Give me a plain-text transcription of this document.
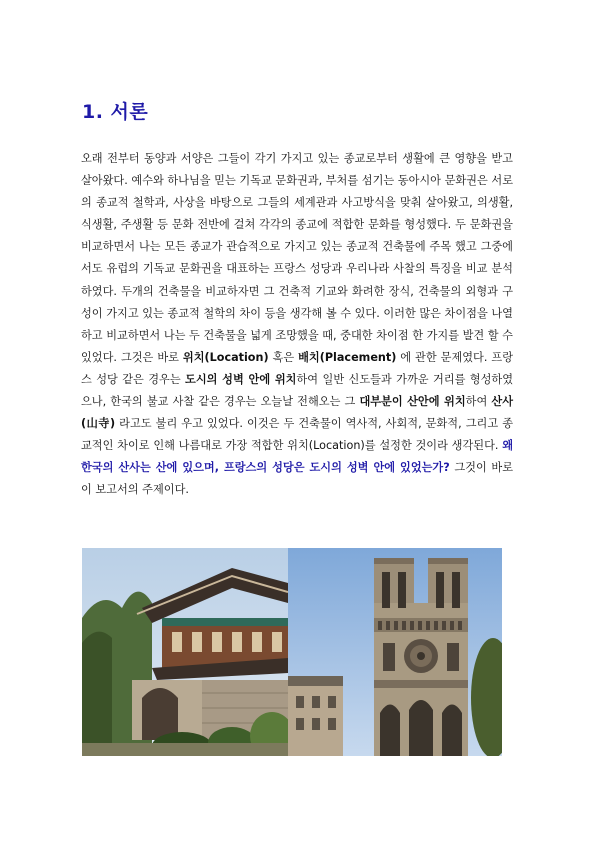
1. 서론

오래 전부터 동양과 서양은 그들이 각기 가지고 있는 종교로부터 생활에 큰 영향을 받고 살아왔다. 예수와 하나님을 믿는 기독교 문화권과, 부처를 섬기는 동아시아 문화권은 서로의 종교적 철학과, 사상을 바탕으로 그들의 세계관과 사고방식을 맞춰 살아왔고, 의생활, 식생활, 주생활 등 문화 전반에 걸쳐 각각의 종교에 적합한 문화를 형성했다. 두 문화권을 비교하면서 나는 모든 종교가 관습적으로 가지고 있는 종교적 건축물에 주목 했고 그중에서도 유럽의 기독교 문화권을 대표하는 프랑스 성당과 우리나라 사찰의 특징을 비교 분석 하였다. 두개의 건축물을 비교하자면 그 건축적 기교와 화려한 장식, 건축물의 외형과 구성이 가지고 있는 종교적 철학의 차이 등을 생각해 볼 수 있다. 이러한 많은 차이점을 나열하고 비교하면서 나는 두 건축물을 넓게 조망했을 때, 중대한 차이점 한 가지를 발견 할 수 있었다. 그것은 바로 위치(Location) 혹은 배치(Placement) 에 관한 문제였다. 프랑스 성당 같은 경우는 도시의 성벽 안에 위치하여 일반 신도들과 가까운 거리를 형성하였으나, 한국의 불교 사찰 같은 경우는 오늘날 전해오는 그 대부분이 산안에 위치하여 산사(山寺) 라고도 불리 우고 있었다. 이것은 두 건축물이 역사적, 사회적, 문화적, 그리고 종교적인 차이로 인해 나름대로 가장 적합한 위치(Location)를 설정한 것이라 생각된다. 왜 한국의 산사는 산에 있으며, 프랑스의 성당은 도시의 성벽 안에 있었는가? 그것이 바로 이 보고서의 주제이다.
